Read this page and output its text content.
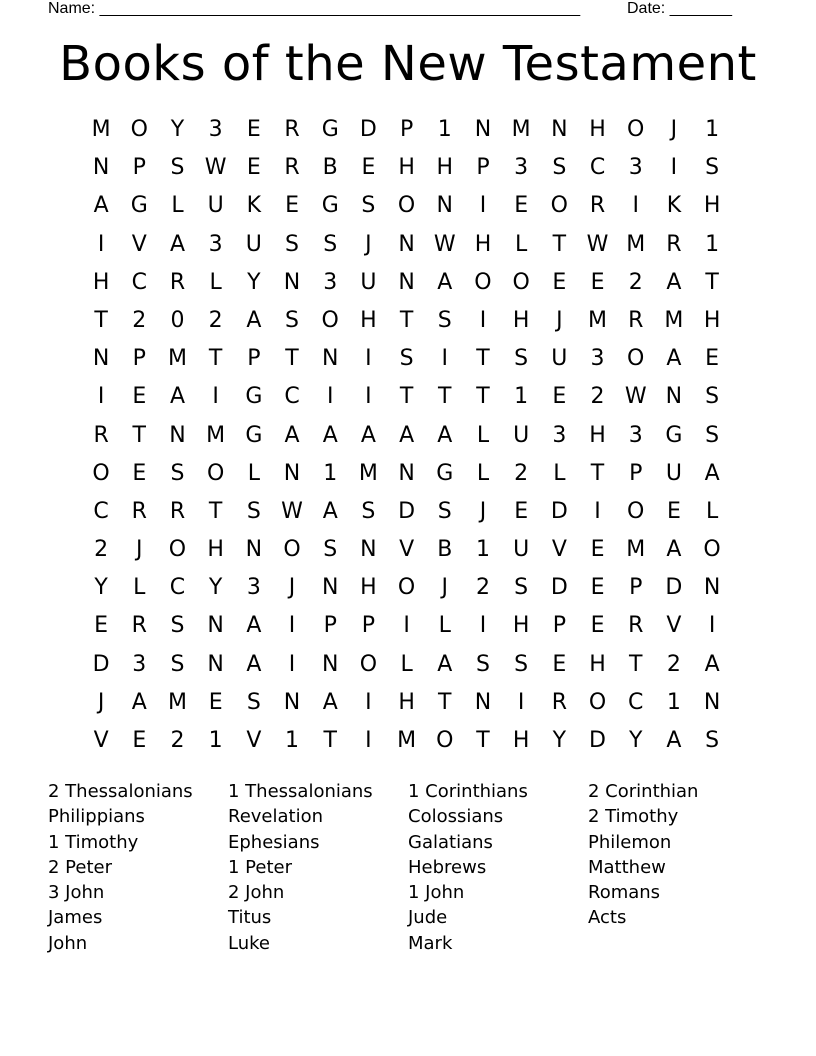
Name: ______________________________________________________

	Date: _______

Books of the New Testament
M O	Y	3	E	R	G D	P	1	N M N H O	J	1
N	P	S W E	R	B	E	H H	P	3	S	C	3	I	S
A	G	L	U	K	E	G	S	O N	I	E	O R	I	K	H
I	V	A	3	U	S	S	J	N W H	L	T W M R	1
H	C	R	L	Y	N	3	U N	A O O	E	E	2	A	T
T	2	0	2	A	S	O H	T	S	I	H	J	M R M H
N	P	M T	P	T	N	I	S	I	T	S	U	3	O	A	E
I	E	A	I	G C	I	I	T	T	T	1	E	2 W N	S
R	T	N M G	A	A	A	A	A	L	U	3	H	3	G	S
O	E	S	O	L	N	1 M N G	L	2	L	T	P	U	A
C	R	R	T	S W A	S	D	S	J	E	D	I	O	E	L
2	J	O H N O	S	N	V	B	1	U	V	E M A O
Y	L	C	Y	3	J	N H O	J	2	S	D	E	P	D N
E	R	S	N	A	I	P	P	I	L	I	H	P	E	R	V	I
D	3	S	N	A	I	N O	L	A	S	S	E	H	T	2	A
J	A M E	S	N	A	I	H	T	N	I	R O C	1	N
V	E	2	1	V	1	T	I	M O	T	H	Y	D	Y	A	S
2 Thessalonians	1 Thessalonians	1 Corinthians	2 Corinthian
Philippians	Revelation	Colossians	2 Timothy
1 Timothy	Ephesians	Galatians	Philemon
2 Peter	1 Peter	Hebrews	Matthew
3 John	2 John	1 John	Romans
James	Titus	Jude	Acts
John	Luke	Mark
